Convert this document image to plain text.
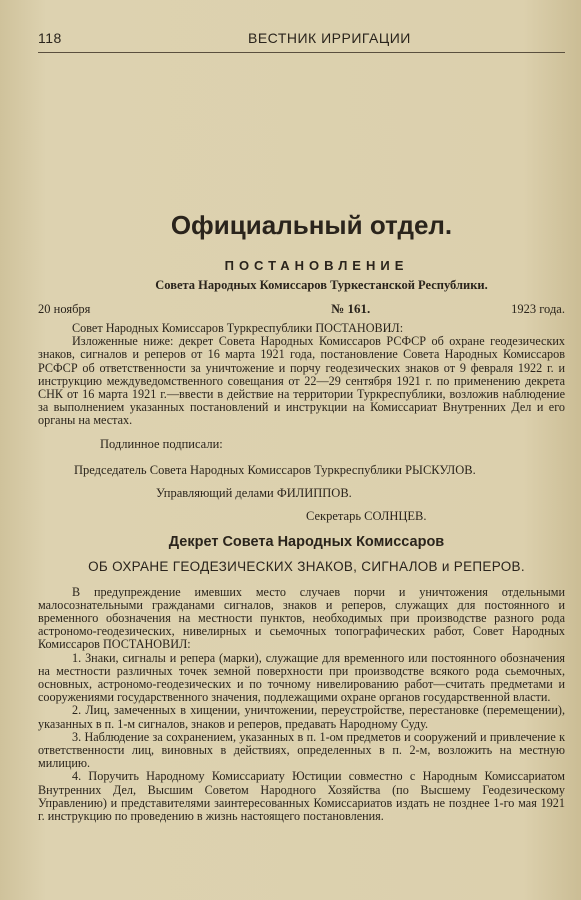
118	ВЕСТНИК ИРРИГАЦИИ
Официальный отдел.
ПОСТАНОВЛЕНИЕ
Совета Народных Комиссаров Туркестанской Республики.
20 ноября	№ 161.	1923 года.

Совет Народных Комиссаров Туркреспублики ПОСТАНОВИЛ:

Изложенные ниже: декрет Совета Народных Комиссаров РСФСР об охране геодезических знаков, сигналов и реперов от 16 марта 1921 года, постановление Совета Народных Комиссаров РСФСР об ответственности за уничтожение и порчу геодезических знаков от 9 февраля 1922 г. и инструкцию междуведомственного совещания от 22—29 сентября 1921 г. по применению декрета СНК от 16 марта 1921 г.—ввести в действие на территории Туркреспублики, возложив наблюдение за выполнением указанных постановлений и инструкции на Комиссариат Внутренних Дел и его органы на местах.

Подлинное подписали:
Председатель Совета Народных Комиссаров Туркреспублики РЫСКУЛОВ.
Управляющий делами ФИЛИППОВ.
Секретарь СОЛНЦЕВ.
Декрет Совета Народных Комиссаров
ОБ ОХРАНЕ ГЕОДЕЗИЧЕСКИХ ЗНАКОВ, СИГНАЛОВ и РЕПЕРОВ.

В предупреждение имевших место случаев порчи и уничтожения отдельными малосознательными гражданами сигналов, знаков и реперов, служащих для постоянного и временного обозначения на местности пунктов, необходимых при производстве разного рода астрономо-геодезических, нивелирных и сьемочных топографических работ, Совет Народных Комиссаров ПОСТАНОВИЛ:

1. Знаки, сигналы и репера (марки), служащие для временного или постоянного обозначения на местности различных точек земной поверхности при производстве всякого рода сьемочных, основных, астрономо-геодезических и по точному нивелированию работ—считать предметами и сооружениями государственного значения, подлежащими охране органов государственной власти.

2. Лиц, замеченных в хищении, уничтожении, переустройстве, перестановке (перемещении), указанных в п. 1-м сигналов, знаков и реперов, предавать Народному Суду.

3. Наблюдение за сохранением, указанных в п. 1-ом предметов и сооружений и привлечение к ответственности лиц, виновных в действиях, определенных в п. 2-м, возложить на местную милицию.

4. Поручить Народному Комиссариату Юстиции совместно с Народным Комиссариатом Внутренних Дел, Высшим Советом Народного Хозяйства (по Высшему Геодезическому Управлению) и представителями заинтересованных Комиссариатов издать не позднее 1-го мая 1921 г. инструкцию по проведению в жизнь настоящего постановления.
